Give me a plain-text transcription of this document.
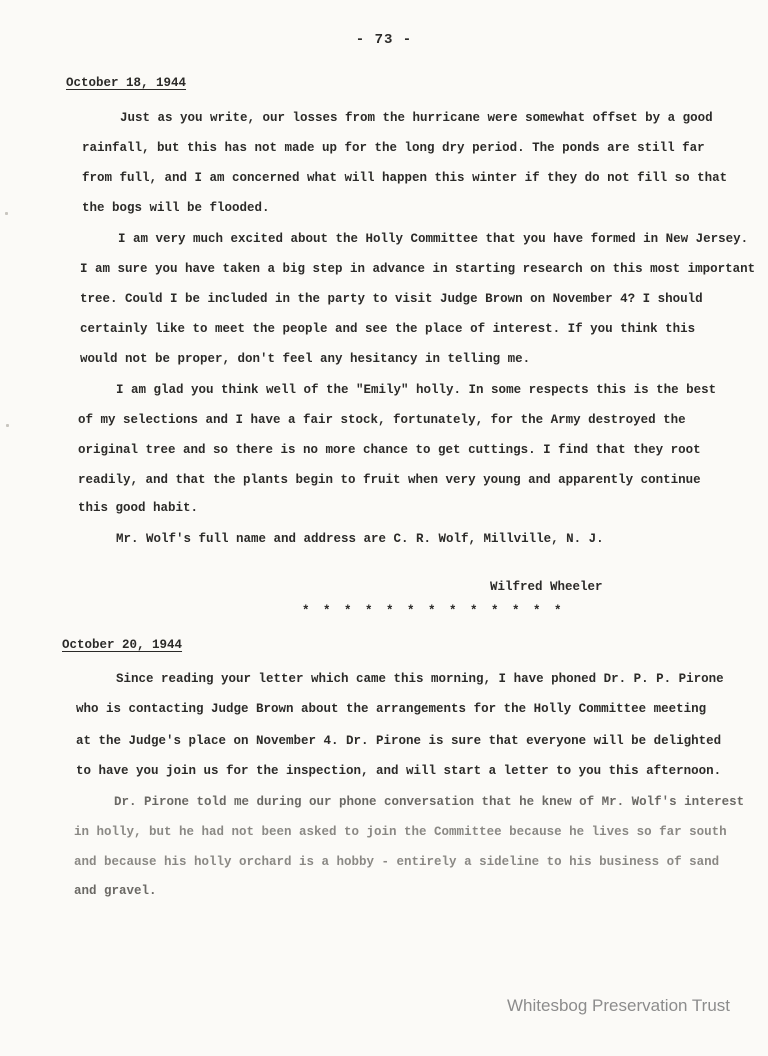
- 73 -
October 18, 1944
Just as you write, our losses from the hurricane were somewhat offset by a good
rainfall, but this has not made up for the long dry period. The ponds are still far
from full, and I am concerned what will happen this winter if they do not fill so that
the bogs will be flooded.
I am very much excited about the Holly Committee that you have formed in New Jersey.
I am sure you have taken a big step in advance in starting research on this most important
tree. Could I be included in the party to visit Judge Brown on November 4? I should
certainly like to meet the people and see the place of interest. If you think this
would not be proper, don't feel any hesitancy in telling me.
I am glad you think well of the "Emily" holly. In some respects this is the best
of my selections and I have a fair stock, fortunately, for the Army destroyed the
original tree and so there is no more chance to get cuttings. I find that they root
readily, and that the plants begin to fruit when very young and apparently continue
this good habit.
Mr. Wolf's full name and address are C. R. Wolf, Millville, N. J.
Wilfred Wheeler
* * * * * * * * * * * * *
October 20, 1944
Since reading your letter which came this morning, I have phoned Dr. P. P. Pirone
who is contacting Judge Brown about the arrangements for the Holly Committee meeting
at the Judge's place on November 4. Dr. Pirone is sure that everyone will be delighted
to have you join us for the inspection, and will start a letter to you this afternoon.
Dr. Pirone told me during our phone conversation that he knew of Mr. Wolf's interest
in holly, but he had not been asked to join the Committee because he lives so far south
and because his holly orchard is a hobby - entirely a sideline to his business of sand
and gravel.
Whitesbog Preservation Trust
